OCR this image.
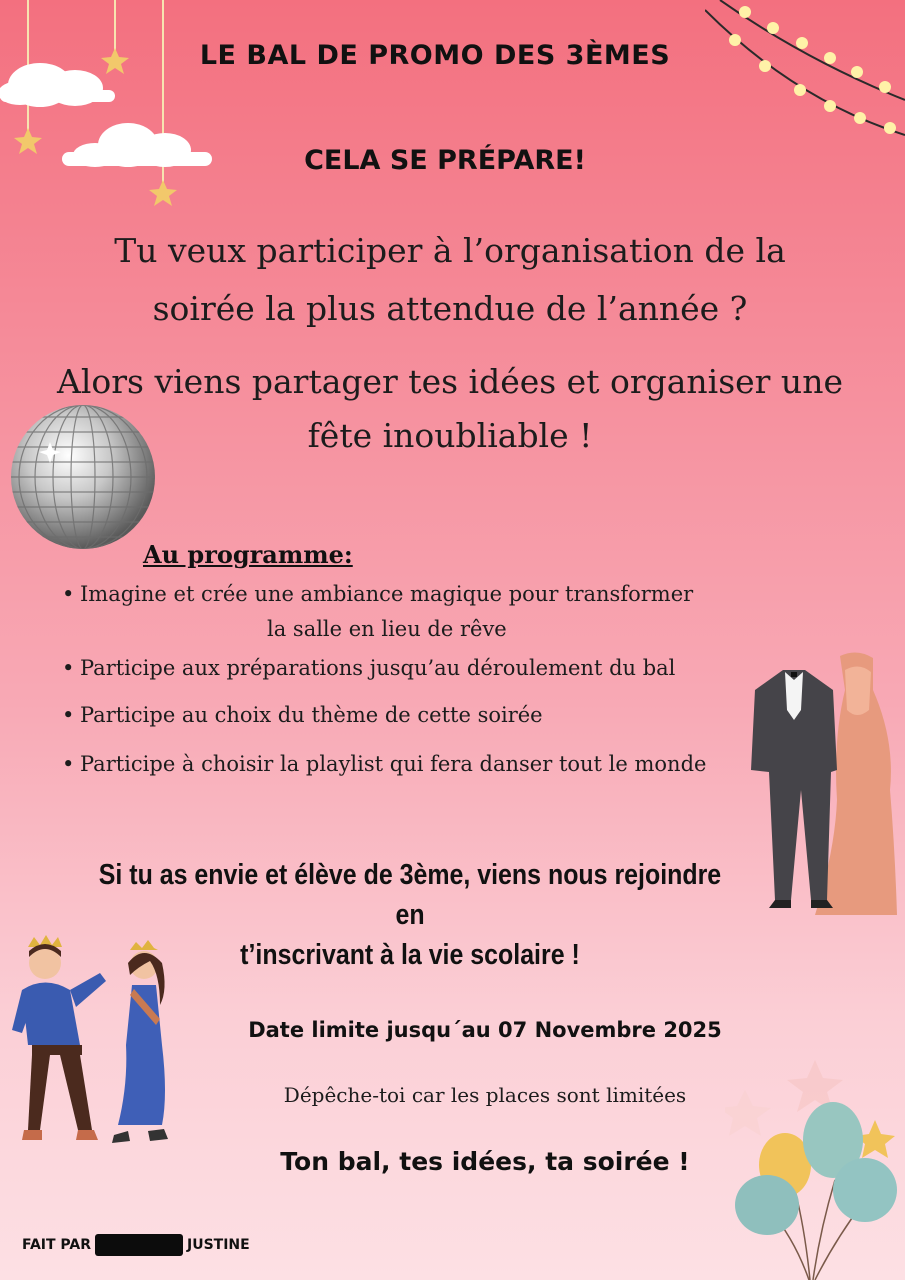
LE BAL DE PROMO DES 3ÈMES
CELA SE PRÉPARE!
Tu veux participer à l’organisation de la
soirée la plus attendue de l’année ?
Alors viens partager tes idées et organiser une
fête inoubliable !
Au programme:
• Imagine et crée une ambiance magique pour transformer
la salle en lieu de rêve
• Participe aux préparations jusqu’au déroulement du bal
• Participe au choix du thème de cette soirée
• Participe à choisir la playlist qui fera danser tout le monde
Si tu as envie et élève de 3ème, viens nous rejoindre en
t’inscrivant à la vie scolaire !
Date limite jusqu´au 07 Novembre 2025
Dépêche-toi car les places sont limitées
Ton bal, tes idées, ta soirée !
FAIT PAR	JUSTINE
